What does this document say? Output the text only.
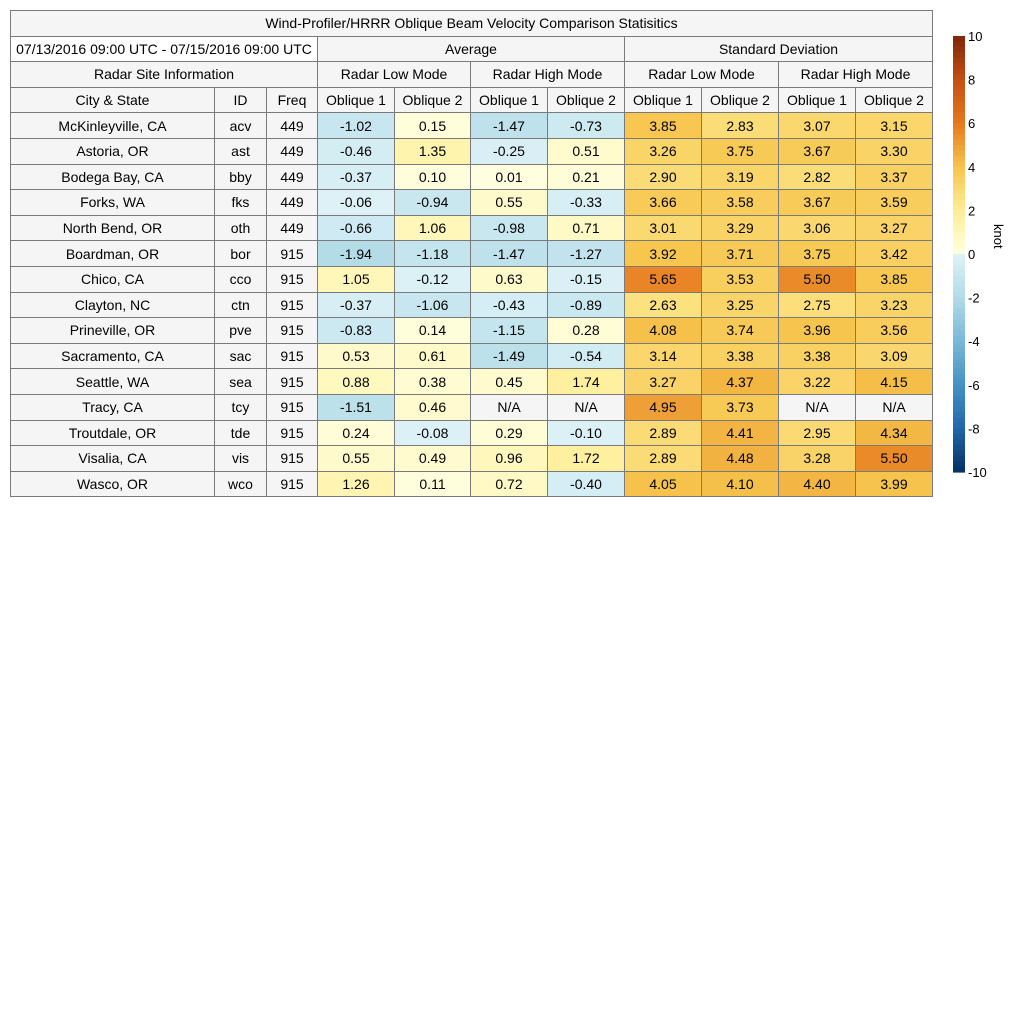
Wind-Profiler/HRRR Oblique Beam Velocity Comparison Statisitics										
07/13/2016 09:00 UTC - 07/15/2016 09:00 UTC			Average				Standard Deviation			
Radar Site Information			Radar Low Mode		Radar High Mode		Radar Low Mode		Radar High Mode	
City & State	ID	Freq	Oblique 1	Oblique 2	Oblique 1	Oblique 2	Oblique 1	Oblique 2	Oblique 1	Oblique 2
McKinleyville, CA	acv	449	-1.02	0.15	-1.47	-0.73	3.85	2.83	3.07	3.15
Astoria, OR	ast	449	-0.46	1.35	-0.25	0.51	3.26	3.75	3.67	3.30
Bodega Bay, CA	bby	449	-0.37	0.10	0.01	0.21	2.90	3.19	2.82	3.37
Forks, WA	fks	449	-0.06	-0.94	0.55	-0.33	3.66	3.58	3.67	3.59
North Bend, OR	oth	449	-0.66	1.06	-0.98	0.71	3.01	3.29	3.06	3.27
Boardman, OR	bor	915	-1.94	-1.18	-1.47	-1.27	3.92	3.71	3.75	3.42
Chico, CA	cco	915	1.05	-0.12	0.63	-0.15	5.65	3.53	5.50	3.85
Clayton, NC	ctn	915	-0.37	-1.06	-0.43	-0.89	2.63	3.25	2.75	3.23
Prineville, OR	pve	915	-0.83	0.14	-1.15	0.28	4.08	3.74	3.96	3.56
Sacramento, CA	sac	915	0.53	0.61	-1.49	-0.54	3.14	3.38	3.38	3.09
Seattle, WA	sea	915	0.88	0.38	0.45	1.74	3.27	4.37	3.22	4.15
Tracy, CA	tcy	915	-1.51	0.46	N/A	N/A	4.95	3.73	N/A	N/A
Troutdale, OR	tde	915	0.24	-0.08	0.29	-0.10	2.89	4.41	2.95	4.34
Visalia, CA	vis	915	0.55	0.49	0.96	1.72	2.89	4.48	3.28	5.50
Wasco, OR	wco	915	1.26	0.11	0.72	-0.40	4.05	4.10	4.40	3.99
10
8
6
4
2
0
-2
-4
-6
-8
-10
knot
